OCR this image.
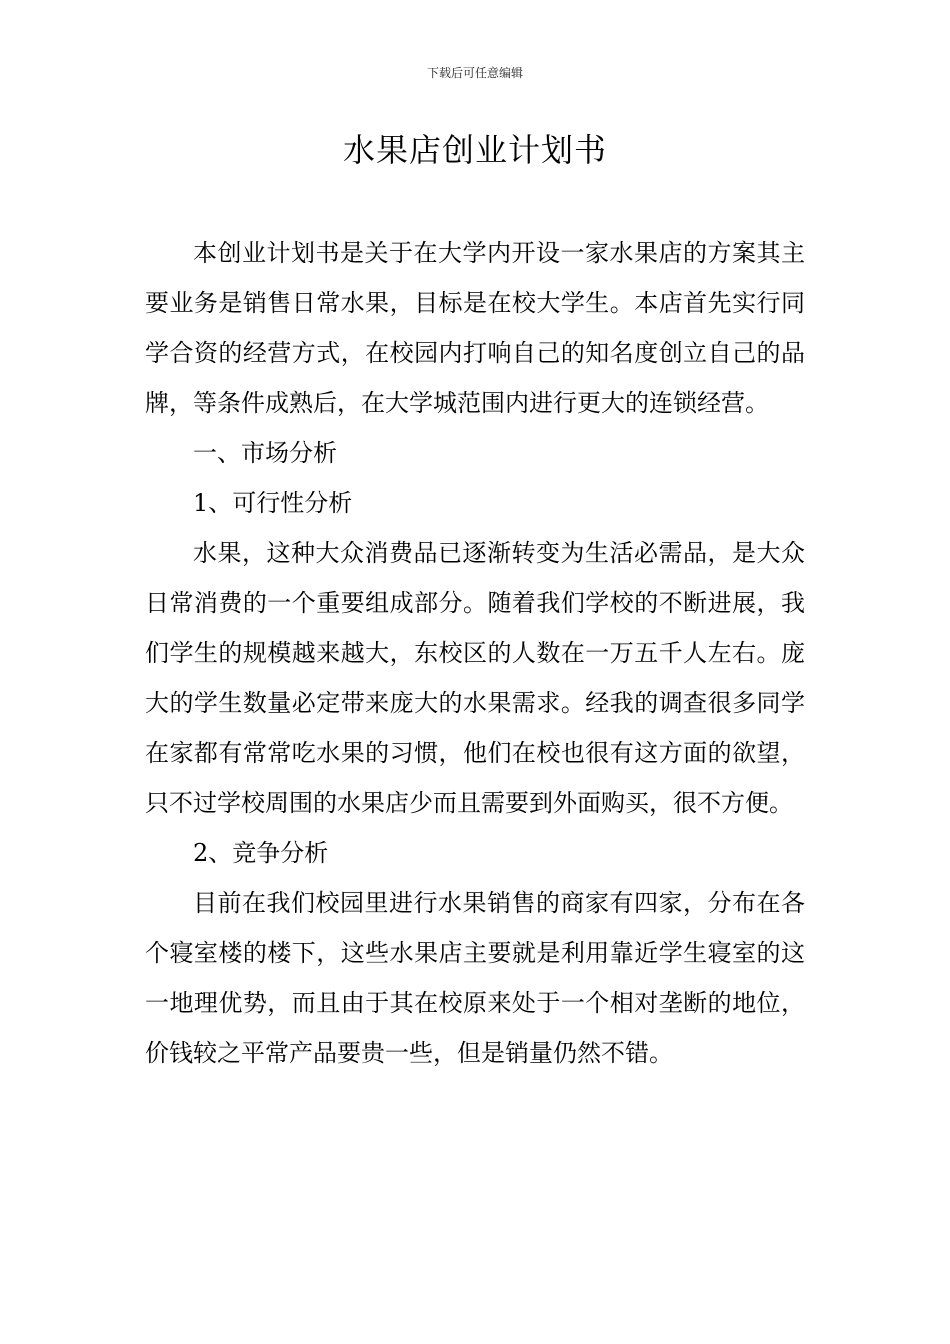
下载后可任意编辑
水果店创业计划书

本创业计划书是关于在大学内开设一家水果店的方案其主要业务是销售日常水果，目标是在校大学生。本店首先实行同学合资的经营方式，在校园内打响自己的知名度创立自己的品牌，等条件成熟后，在大学城范围内进行更大的连锁经营。

一、市场分析

1、可行性分析

水果，这种大众消费品已逐渐转变为生活必需品，是大众日常消费的一个重要组成部分。随着我们学校的不断进展，我们学生的规模越来越大，东校区的人数在一万五千人左右。庞大的学生数量必定带来庞大的水果需求。经我的调查很多同学在家都有常常吃水果的习惯，他们在校也很有这方面的欲望，只不过学校周围的水果店少而且需要到外面购买，很不方便。

2、竞争分析

目前在我们校园里进行水果销售的商家有四家，分布在各个寝室楼的楼下，这些水果店主要就是利用靠近学生寝室的这一地理优势，而且由于其在校原来处于一个相对垄断的地位，价钱较之平常产品要贵一些，但是销量仍然不错。
